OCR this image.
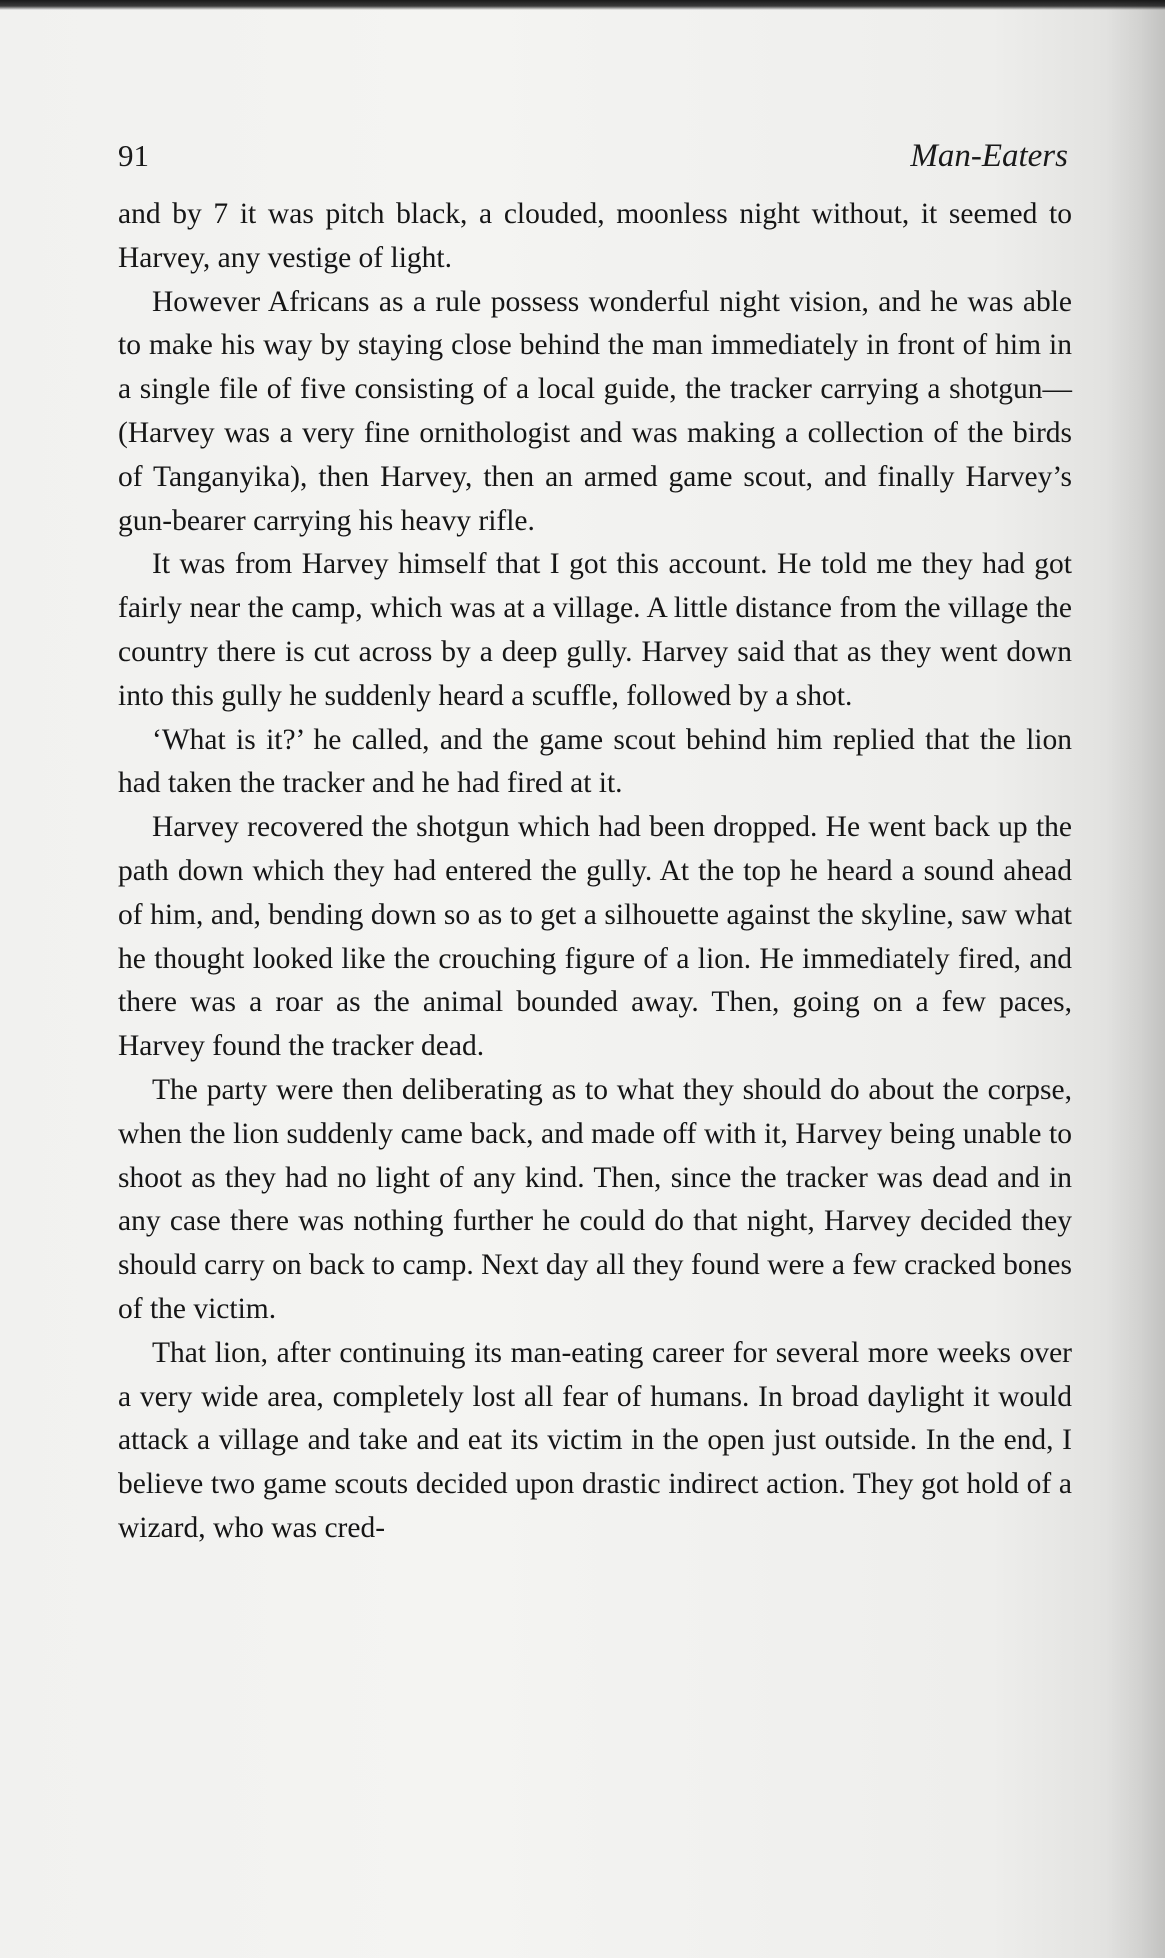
91	Man-Eaters

and by 7 it was pitch black, a clouded, moonless night without, it seemed to Harvey, any vestige of light.

However Africans as a rule possess wonderful night vision, and he was able to make his way by staying close behind the man immediately in front of him in a single file of five consisting of a local guide, the tracker carrying a shotgun—(Harvey was a very fine ornithologist and was making a collection of the birds of Tanganyika), then Harvey, then an armed game scout, and finally Harvey’s gun-bearer carrying his heavy rifle.

It was from Harvey himself that I got this account. He told me they had got fairly near the camp, which was at a village. A little distance from the village the country there is cut across by a deep gully. Harvey said that as they went down into this gully he suddenly heard a scuffle, followed by a shot.

‘What is it?’ he called, and the game scout behind him replied that the lion had taken the tracker and he had fired at it.

Harvey recovered the shotgun which had been dropped. He went back up the path down which they had entered the gully. At the top he heard a sound ahead of him, and, bending down so as to get a silhouette against the skyline, saw what he thought looked like the crouching figure of a lion. He immediately fired, and there was a roar as the animal bounded away. Then, going on a few paces, Harvey found the tracker dead.

The party were then deliberating as to what they should do about the corpse, when the lion suddenly came back, and made off with it, Harvey being unable to shoot as they had no light of any kind. Then, since the tracker was dead and in any case there was nothing further he could do that night, Harvey decided they should carry on back to camp. Next day all they found were a few cracked bones of the victim.

That lion, after continuing its man-eating career for several more weeks over a very wide area, completely lost all fear of humans. In broad daylight it would attack a village and take and eat its victim in the open just outside. In the end, I believe two game scouts decided upon drastic indirect action. They got hold of a wizard, who was cred-
